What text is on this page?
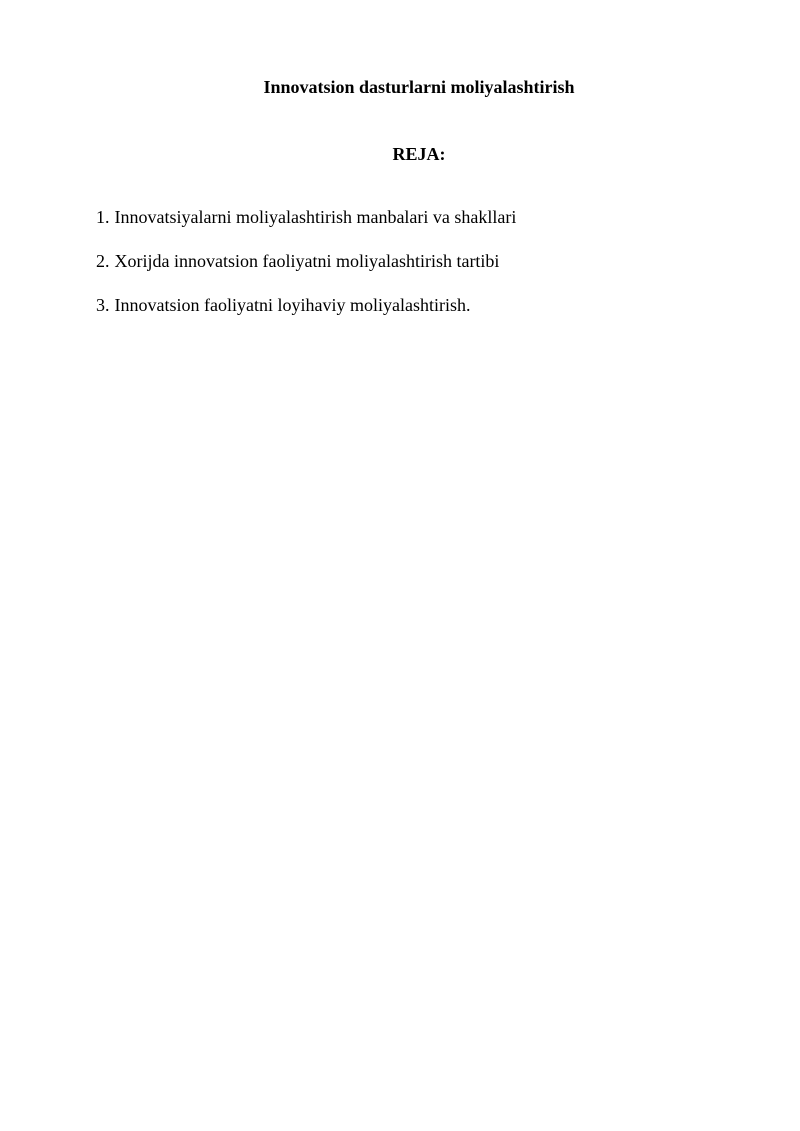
Innovatsion dasturlarni moliyalashtirish
REJA:
1. Innovatsiyalarni moliyalashtirish manbalari va shakllari
2. Xorijda innovatsion faoliyatni moliyalashtirish tartibi
3. Innovatsion faoliyatni loyihaviy moliyalashtirish.
